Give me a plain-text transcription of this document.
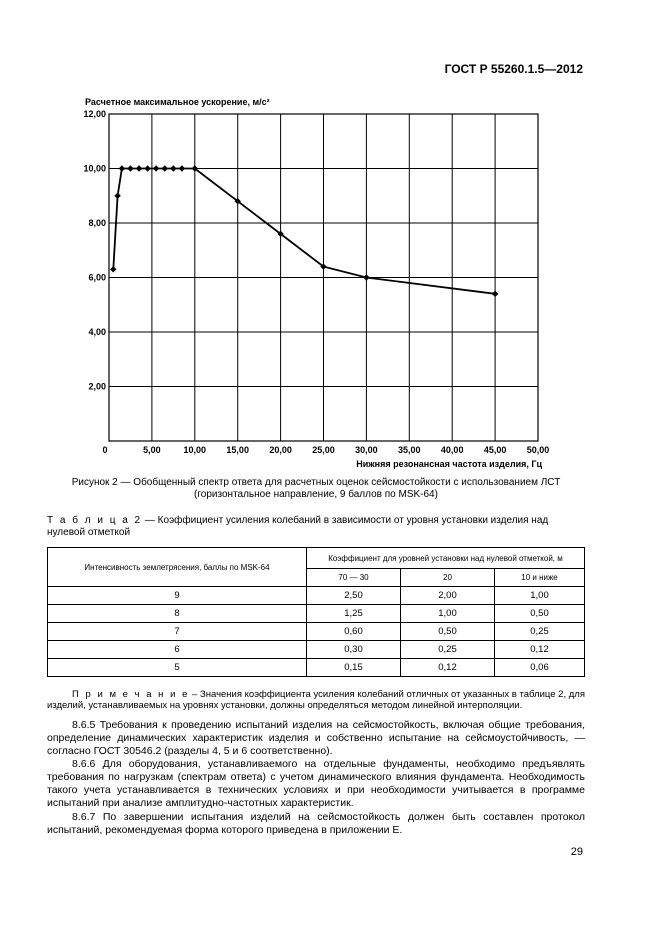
ГОСТ Р 55260.1.5—2012
Расчетное максимальное ускорение, м/с²
0	5,00	10,00 15,00 20,00 25,00 30,00 35,00 40,00 45,00 50,00
2,00
4,00
6,00
8,00
10,00
12,00
Нижняя резонансная частота изделия, Гц
Рисунок 2 — Обобщенный спектр ответа для расчетных оценок сейсмостойкости с использованием ЛСТ (горизонтальное направление, 9 баллов по MSK-64)
Т а б л и ц а 2 — Коэффициент усиления колебаний в зависимости от уровня установки изделия над нулевой отметкой
Интенсивность землетрясения, баллы по MSK-64	Коэффициент для уровней установки над нулевой отметкой, м		
	70 — 30	20	10 и ниже
9	2,50	2,00	1,00
8	1,25	1,00	0,50
7	0,60	0,50	0,25
6	0,30	0,25	0,12
5	0,15	0,12	0,06
П р и м е ч а н и е – Значения коэффициента усиления колебаний отличных от указанных в таблице 2, для изделий, устанавливаемых на уровнях установки, должны определяться методом линейной интерполяции.
8.6.5 Требования к проведению испытаний изделия на сейсмостойкость, включая общие требования, определение динамических характеристик изделия и собственно испытание на сейсмоустойчивость, — согласно ГОСТ 30546.2 (разделы 4, 5 и 6 соответственно).
8.6.6 Для оборудования, устанавливаемого на отдельные фундаменты, необходимо предъявлять требования по нагрузкам (спектрам ответа) с учетом динамического влияния фундамента. Необходимость такого учета устанавливается в технических условиях и при необходимости учитывается в программе испытаний при анализе амплитудно-частотных характеристик.
8.6.7 По завершении испытания изделий на сейсмостойкость должен быть составлен протокол испытаний, рекомендуемая форма которого приведена в приложении Е.
29
